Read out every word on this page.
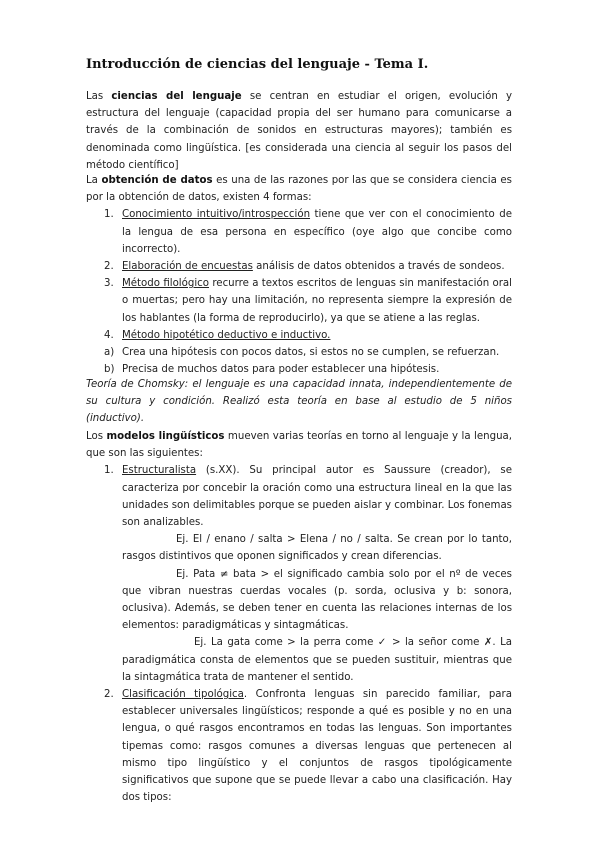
Introducción de ciencias del lenguaje - Tema I.
Las ciencias del lenguaje se centran en estudiar el origen, evolución y estructura del lenguaje (capacidad propia del ser humano para comunicarse a través de la combinación de sonidos en estructuras mayores); también es denominada como lingüística. [es considerada una ciencia al seguir los pasos del método científico]
La obtención de datos es una de las razones por las que se considera ciencia es por la obtención de datos, existen 4 formas:
1. Conocimiento intuitivo/introspección tiene que ver con el conocimiento de la lengua de esa persona en específico (oye algo que concibe como incorrecto).
2. Elaboración de encuestas análisis de datos obtenidos a través de sondeos.
3. Método filológico recurre a textos escritos de lenguas sin manifestación oral o muertas; pero hay una limitación, no representa siempre la expresión de los hablantes (la forma de reproducirlo), ya que se atiene a las reglas.
4. Método hipotético deductivo e inductivo.
a) Crea una hipótesis con pocos datos, si estos no se cumplen, se refuerzan.
b) Precisa de muchos datos para poder establecer una hipótesis.
Teoría de Chomsky: el lenguaje es una capacidad innata, independientemente de su cultura y condición. Realizó esta teoría en base al estudio de 5 niños (inductivo).
Los modelos lingüísticos mueven varias teorías en torno al lenguaje y la lengua, que son las siguientes:
1. Estructuralista (s.XX). Su principal autor es Saussure (creador), se caracteriza por concebir la oración como una estructura lineal en la que las unidades son delimitables porque se pueden aislar y combinar. Los fonemas son analizables.
Ej. El / enano / salta > Elena / no / salta. Se crean por lo tanto, rasgos distintivos que oponen significados y crean diferencias.
Ej. Pata ≠ bata > el significado cambia solo por el nº de veces que vibran nuestras cuerdas vocales (p. sorda, oclusiva y b: sonora, oclusiva). Además, se deben tener en cuenta las relaciones internas de los elementos: paradigmáticas y sintagmáticas.
Ej. La gata come > la perra come ✓ > la señor come ✗. La paradigmática consta de elementos que se pueden sustituir, mientras que la sintagmática trata de mantener el sentido.
2. Clasificación tipológica. Confronta lenguas sin parecido familiar, para establecer universales lingüísticos; responde a qué es posible y no en una lengua, o qué rasgos encontramos en todas las lenguas. Son importantes tipemas como: rasgos comunes a diversas lenguas que pertenecen al mismo tipo lingüístico y el conjuntos de rasgos tipológicamente significativos que supone que se puede llevar a cabo una clasificación. Hay dos tipos:
